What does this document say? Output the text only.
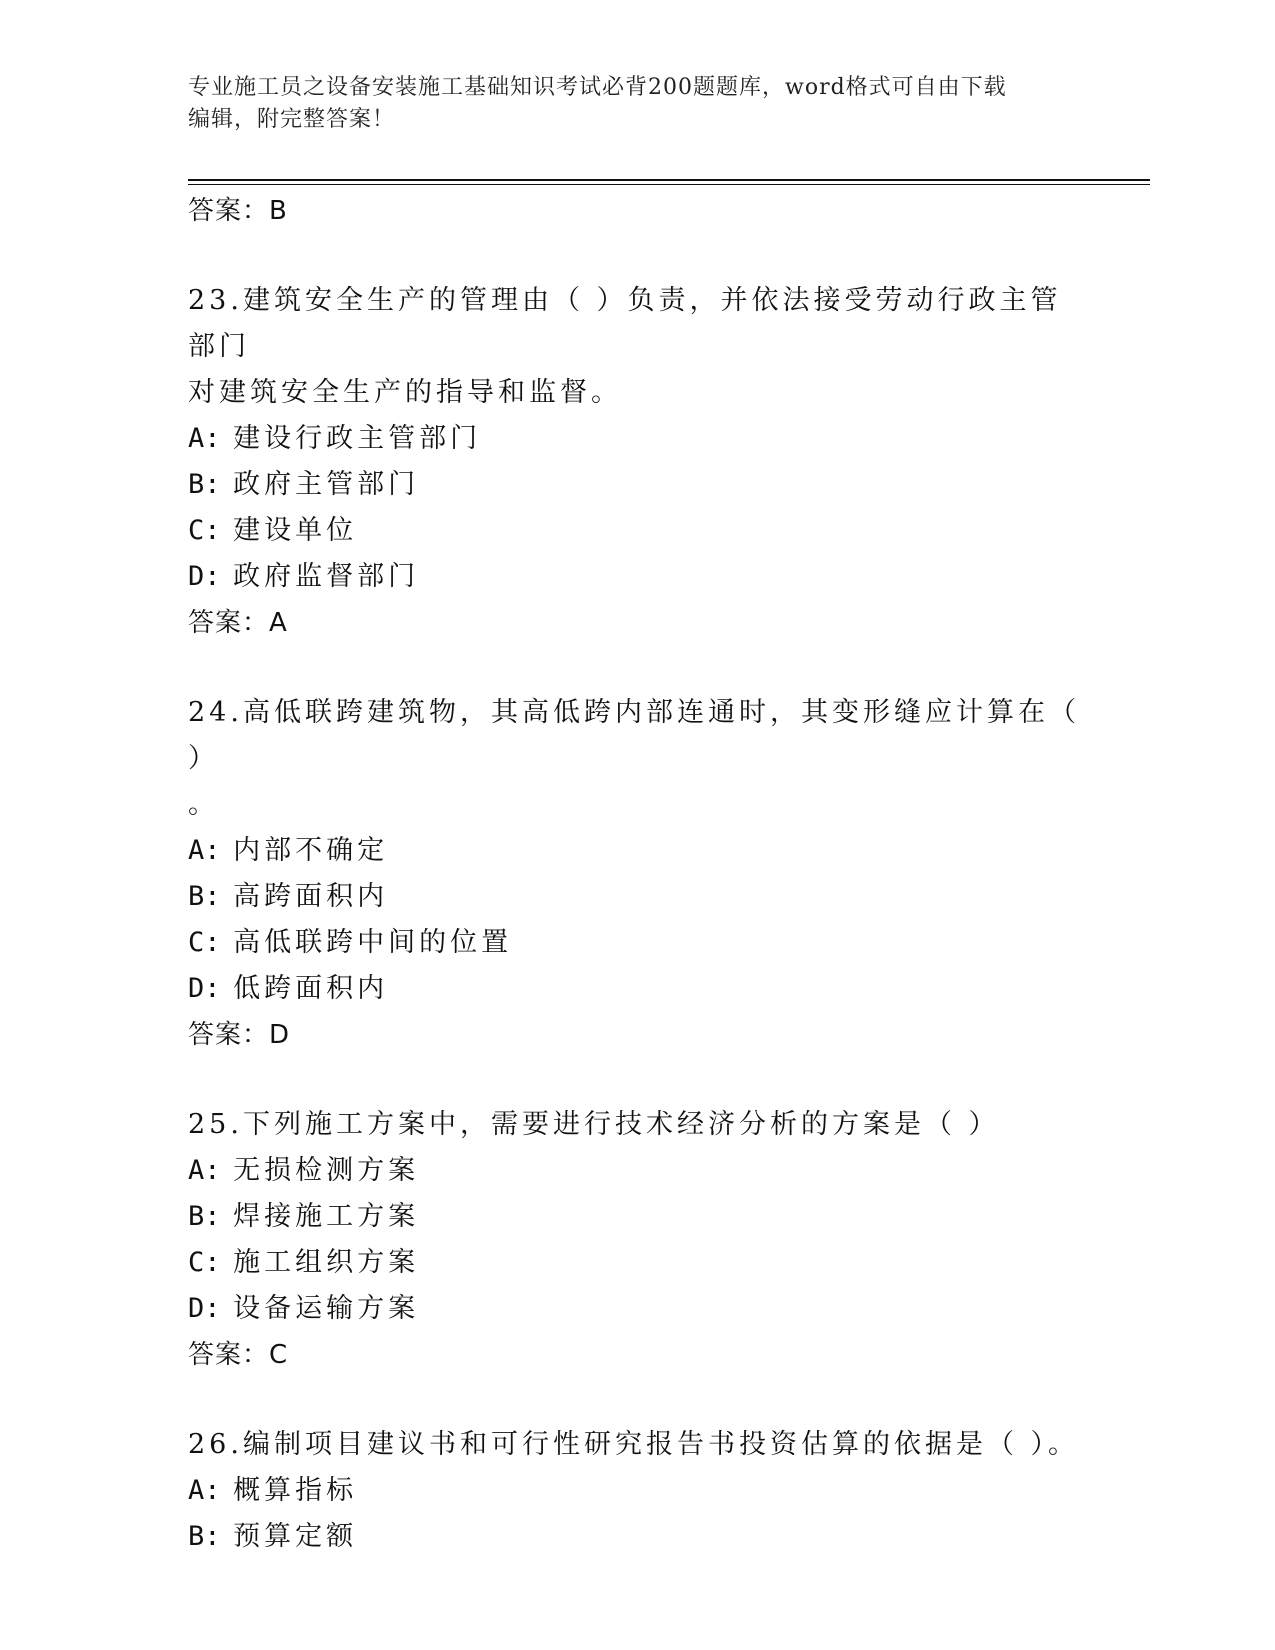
专业施工员之设备安装施工基础知识考试必背200题题库，word格式可自由下载
编辑，附完整答案！
答案：B
23.建筑安全生产的管理由（ ）负责，并依法接受劳动行政主管部门
对建筑安全生产的指导和监督。
A: 建设行政主管部门
B: 政府主管部门
C: 建设单位
D: 政府监督部门
答案：A
24.高低联跨建筑物，其高低跨内部连通时，其变形缝应计算在（ ）
。
A: 内部不确定
B: 高跨面积内
C: 高低联跨中间的位置
D: 低跨面积内
答案：D
25.下列施工方案中，需要进行技术经济分析的方案是（ ）
A: 无损检测方案
B: 焊接施工方案
C: 施工组织方案
D: 设备运输方案
答案：C
26.编制项目建议书和可行性研究报告书投资估算的依据是（ ）。
A: 概算指标
B: 预算定额
